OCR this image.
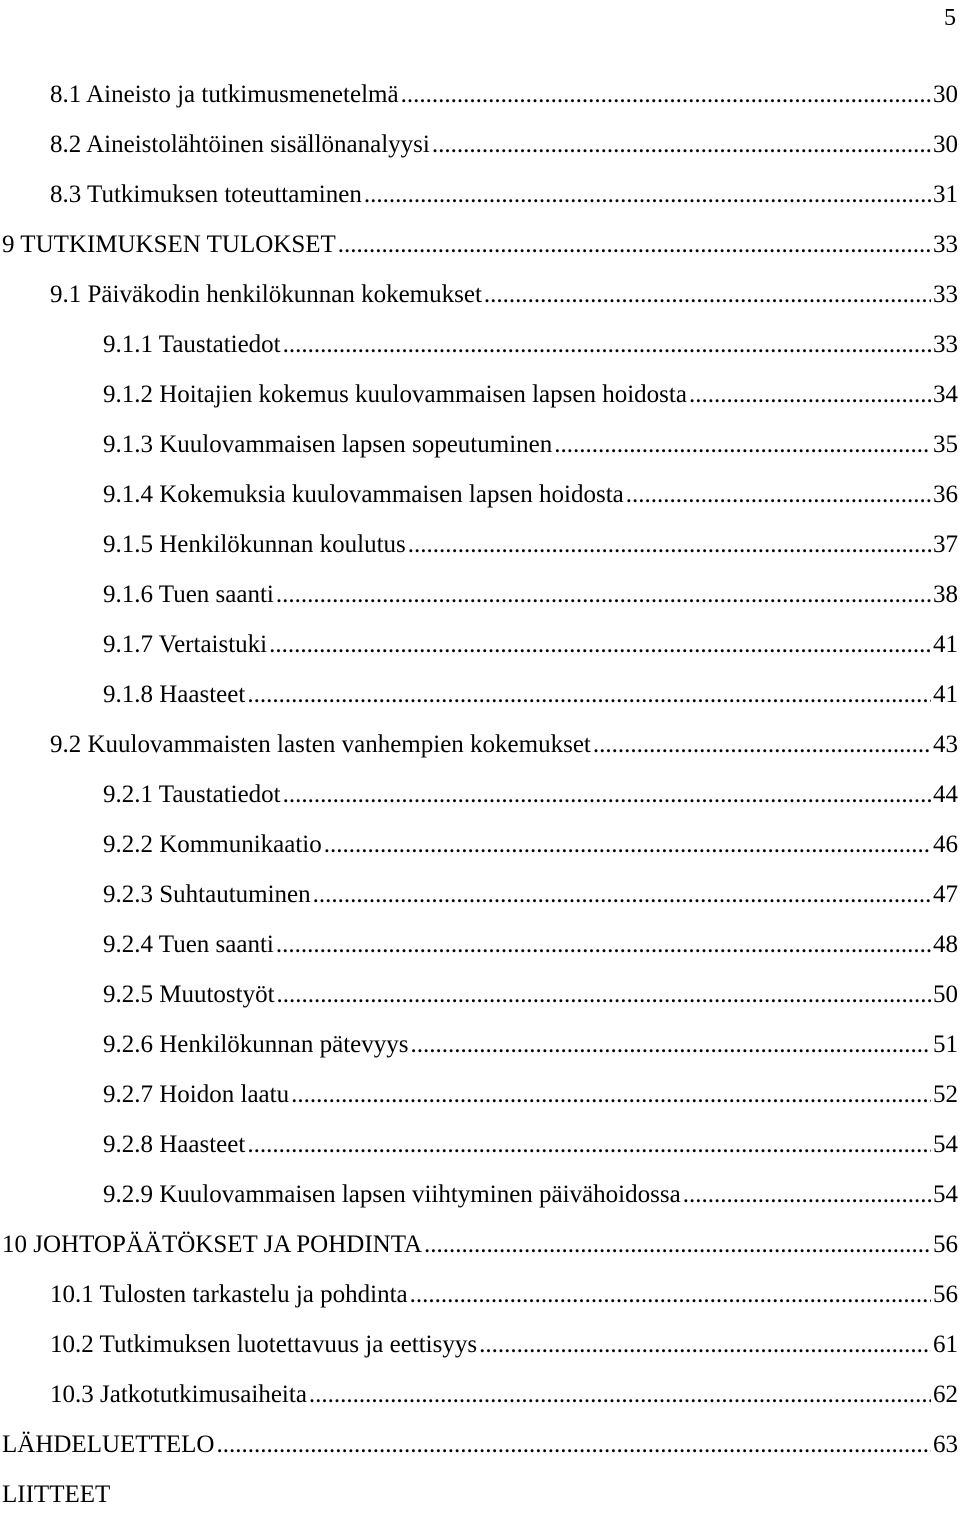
5
8.1 Aineisto ja tutkimusmenetelmä .....	30
8.2 Aineistolähtöinen sisällönanalyysi .....	30
8.3 Tutkimuksen toteuttaminen .....	31
9 TUTKIMUKSEN TULOKSET .....	33
9.1 Päiväkodin henkilökunnan kokemukset .....	33
9.1.1 Taustatiedot .....	33
9.1.2 Hoitajien kokemus kuulovammaisen lapsen hoidosta .....	34
9.1.3 Kuulovammaisen lapsen sopeutuminen .....	35
9.1.4 Kokemuksia kuulovammaisen lapsen hoidosta .....	36
9.1.5 Henkilökunnan koulutus .....	37
9.1.6 Tuen saanti .....	38
9.1.7 Vertaistuki .....	41
9.1.8 Haasteet .....	41
9.2 Kuulovammaisten lasten vanhempien kokemukset .....	43
9.2.1 Taustatiedot .....	44
9.2.2 Kommunikaatio .....	46
9.2.3 Suhtautuminen .....	47
9.2.4 Tuen saanti .....	48
9.2.5 Muutostyöt .....	50
9.2.6 Henkilökunnan pätevyys .....	51
9.2.7 Hoidon laatu .....	52
9.2.8 Haasteet .....	54
9.2.9 Kuulovammaisen lapsen viihtyminen päivähoidossa .....	54
10 JOHTOPÄÄTÖKSET JA POHDINTA .....	56
10.1 Tulosten tarkastelu ja pohdinta .....	56
10.2 Tutkimuksen luotettavuus ja eettisyys .....	61
10.3 Jatkotutkimusaiheita .....	62
LÄHDELUETTELO .....	63
LIITTEET
